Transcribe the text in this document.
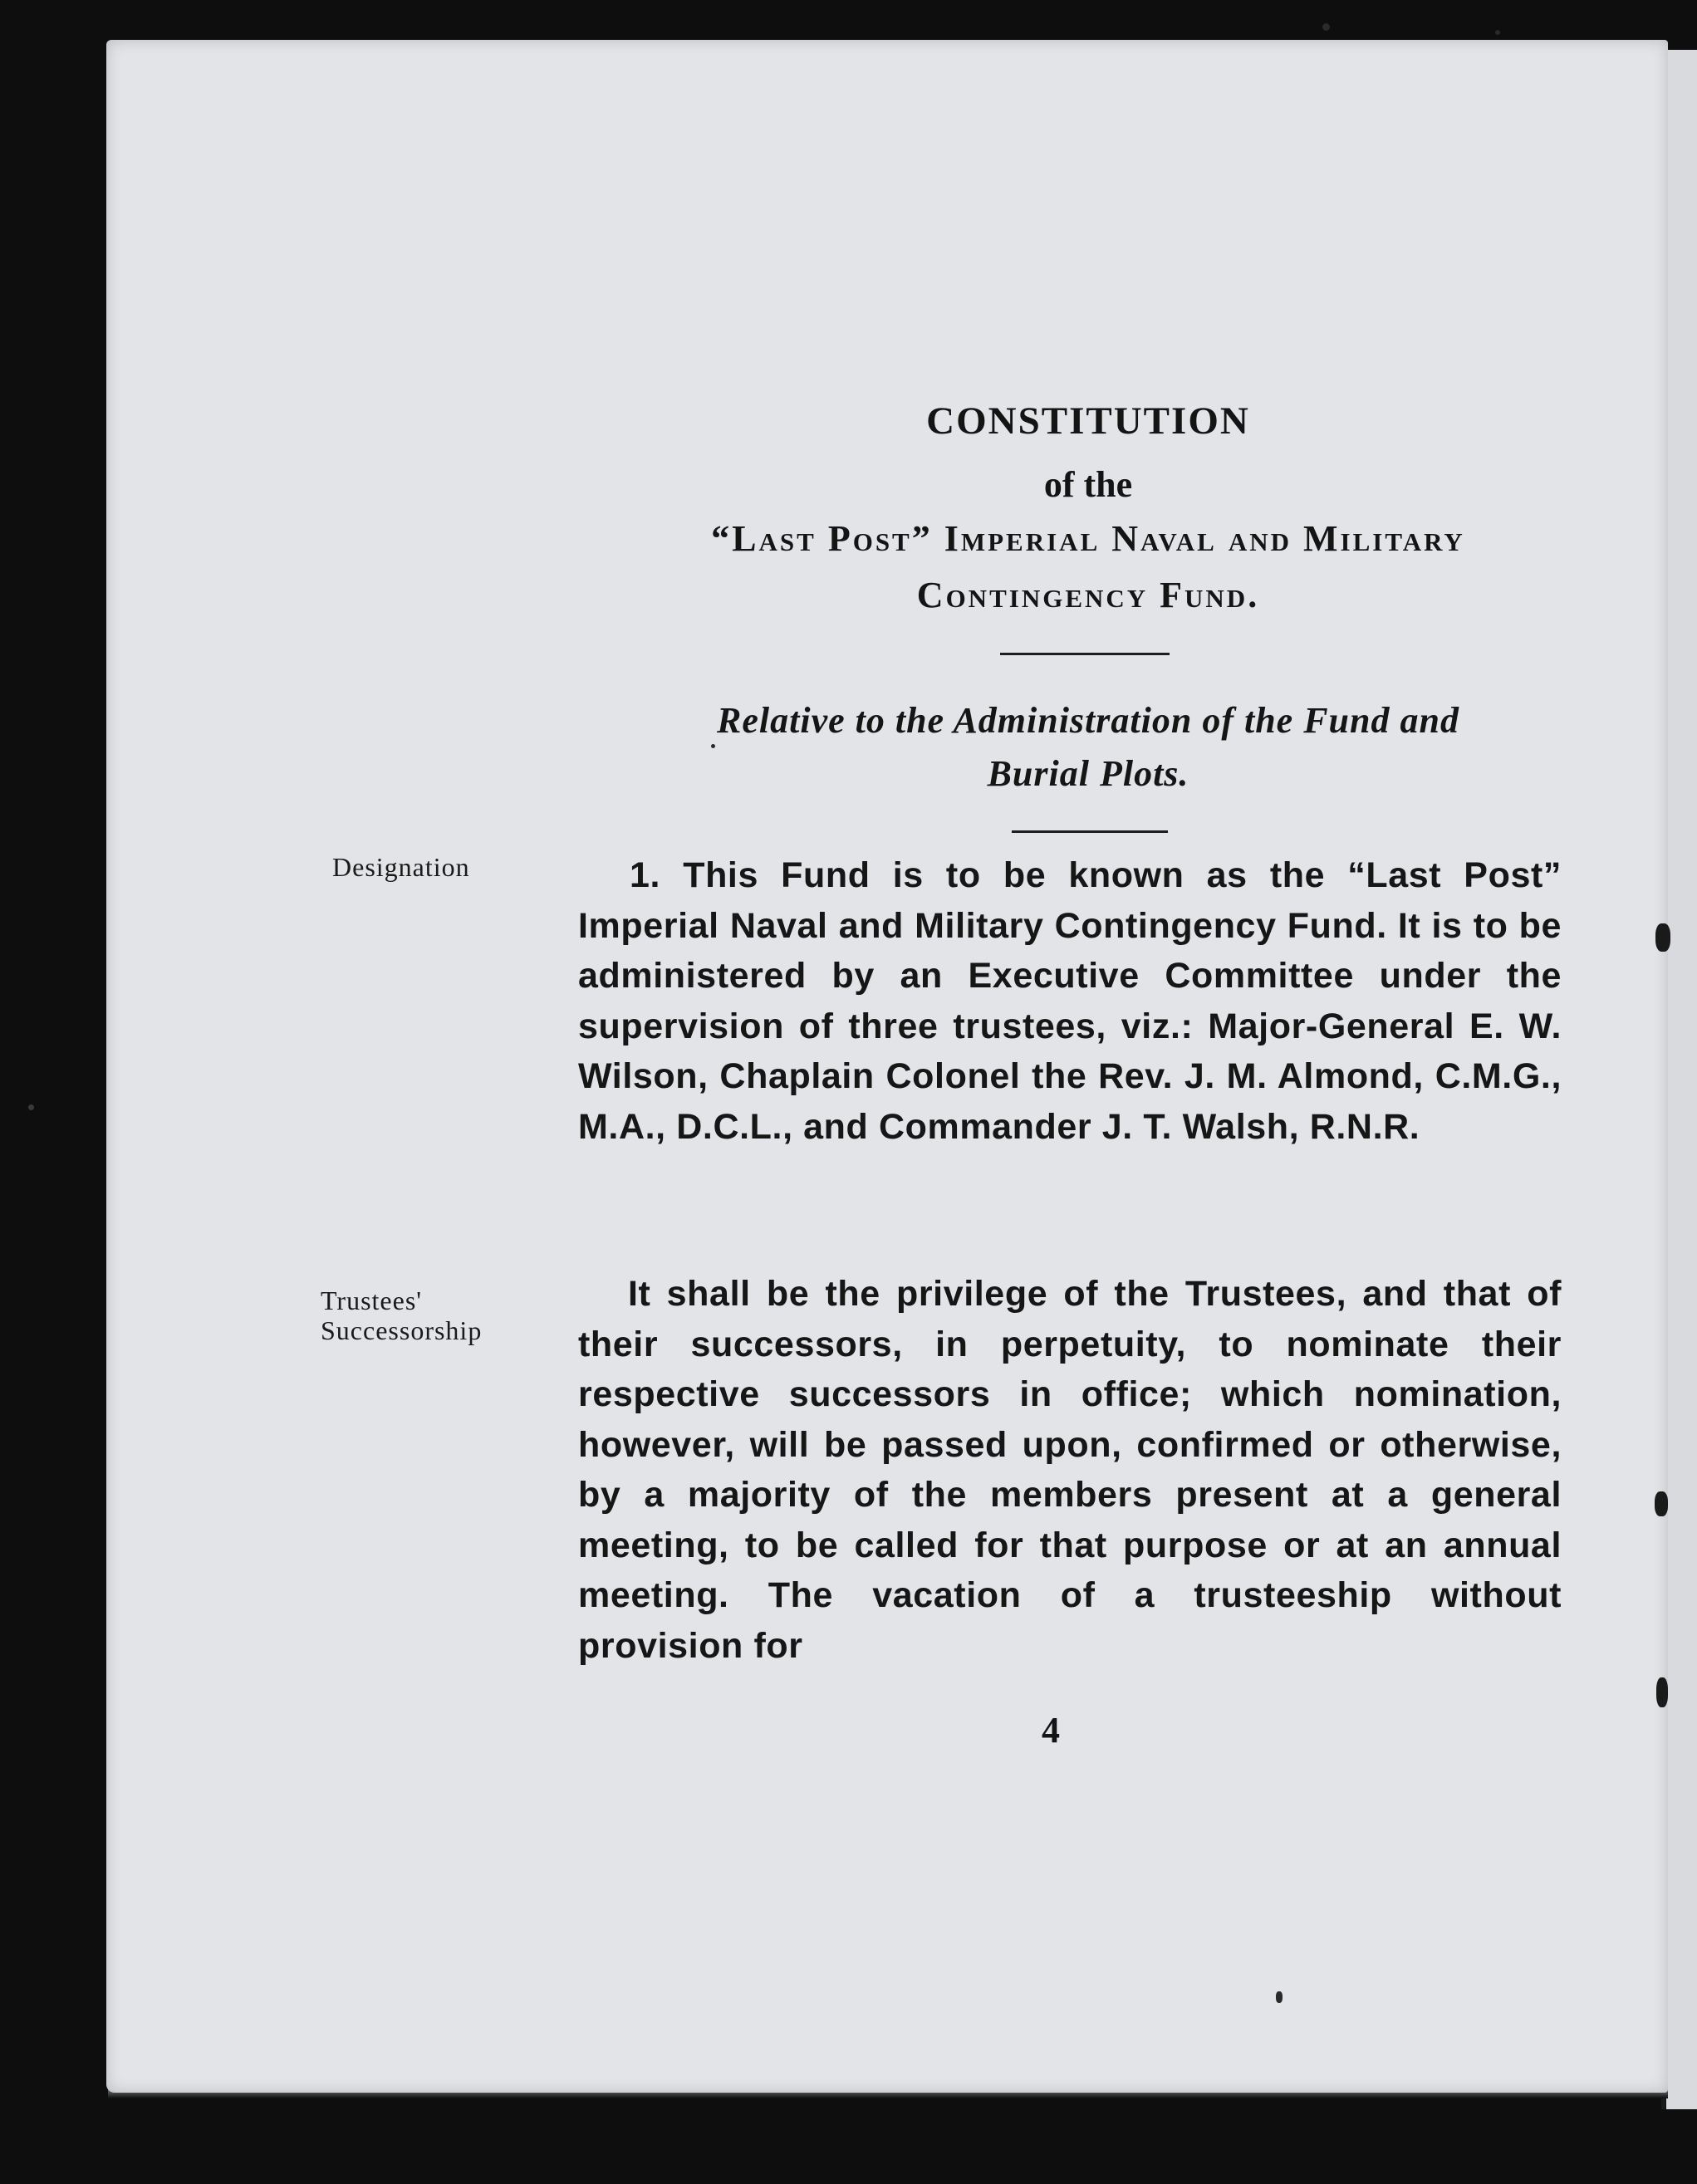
CONSTITUTION
of the
“Last Post” Imperial Naval and Military
Contingency Fund.
Relative to the Administration of the Fund and
Burial Plots.
Designation	1. This Fund is to be known as the “Last Post” Imperial Naval and Military Contingency Fund. It is to be administered by an Executive Committee under the supervision of three trustees, viz.: Major-General E. W. Wilson, Chaplain Colonel the Rev. J. M. Almond, C.M.G., M.A., D.C.L., and Commander J. T. Walsh, R.N.R.
Trustees'
Successorship
It shall be the privilege of the Trustees, and that of their successors, in perpetuity, to nominate their respective successors in office; which nomination, however, will be passed upon, confirmed or otherwise, by a majority of the members present at a general meeting, to be called for that purpose or at an annual meeting. The vacation of a trusteeship without provision for
4
